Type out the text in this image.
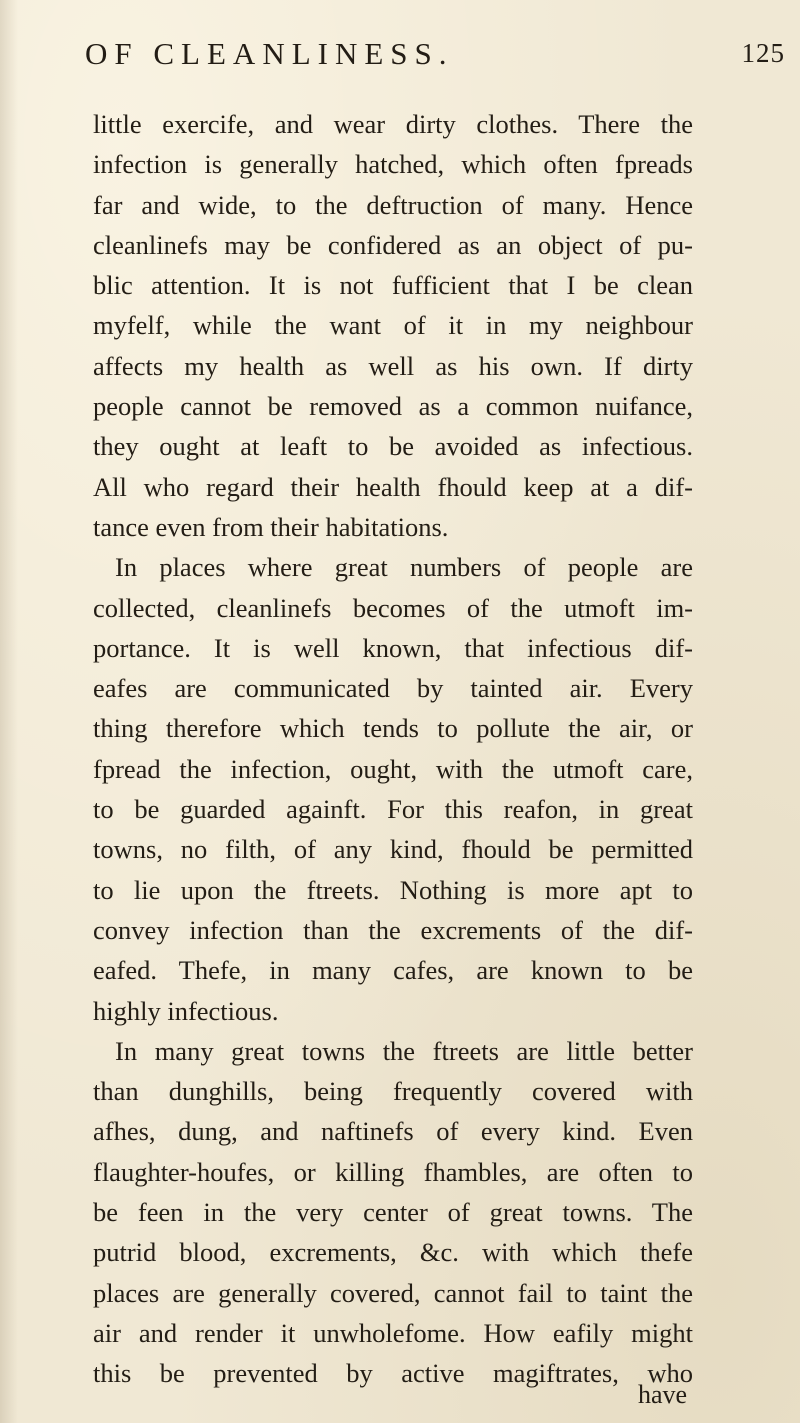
OF CLEANLINESS.	125
little exercife, and wear dirty clothes. There the
infection is generally hatched, which often fpreads
far and wide, to the deftruction of many. Hence
cleanlinefs may be confidered as an object of pu-
blic attention. It is not fufficient that I be clean
myfelf, while the want of it in my neighbour
affects my health as well as his own. If dirty
people cannot be removed as a common nuifance,
they ought at leaft to be avoided as infectious.
All who regard their health fhould keep at a dif-
tance even from their habitations.
In places where great numbers of people are
collected, cleanlinefs becomes of the utmoft im-
portance. It is well known, that infectious dif-
eafes are communicated by tainted air. Every
thing therefore which tends to pollute the air, or
fpread the infection, ought, with the utmoft care,
to be guarded againft. For this reafon, in great
towns, no filth, of any kind, fhould be permitted
to lie upon the ftreets. Nothing is more apt to
convey infection than the excrements of the dif-
eafed. Thefe, in many cafes, are known to be
highly infectious.
In many great towns the ftreets are little better
than dunghills, being frequently covered with
afhes, dung, and naftinefs of every kind. Even
flaughter-houfes, or killing fhambles, are often to
be feen in the very center of great towns. The
putrid blood, excrements, &c. with which thefe
places are generally covered, cannot fail to taint the
air and render it unwholefome. How eafily might
this be prevented by active magiftrates, who
have
